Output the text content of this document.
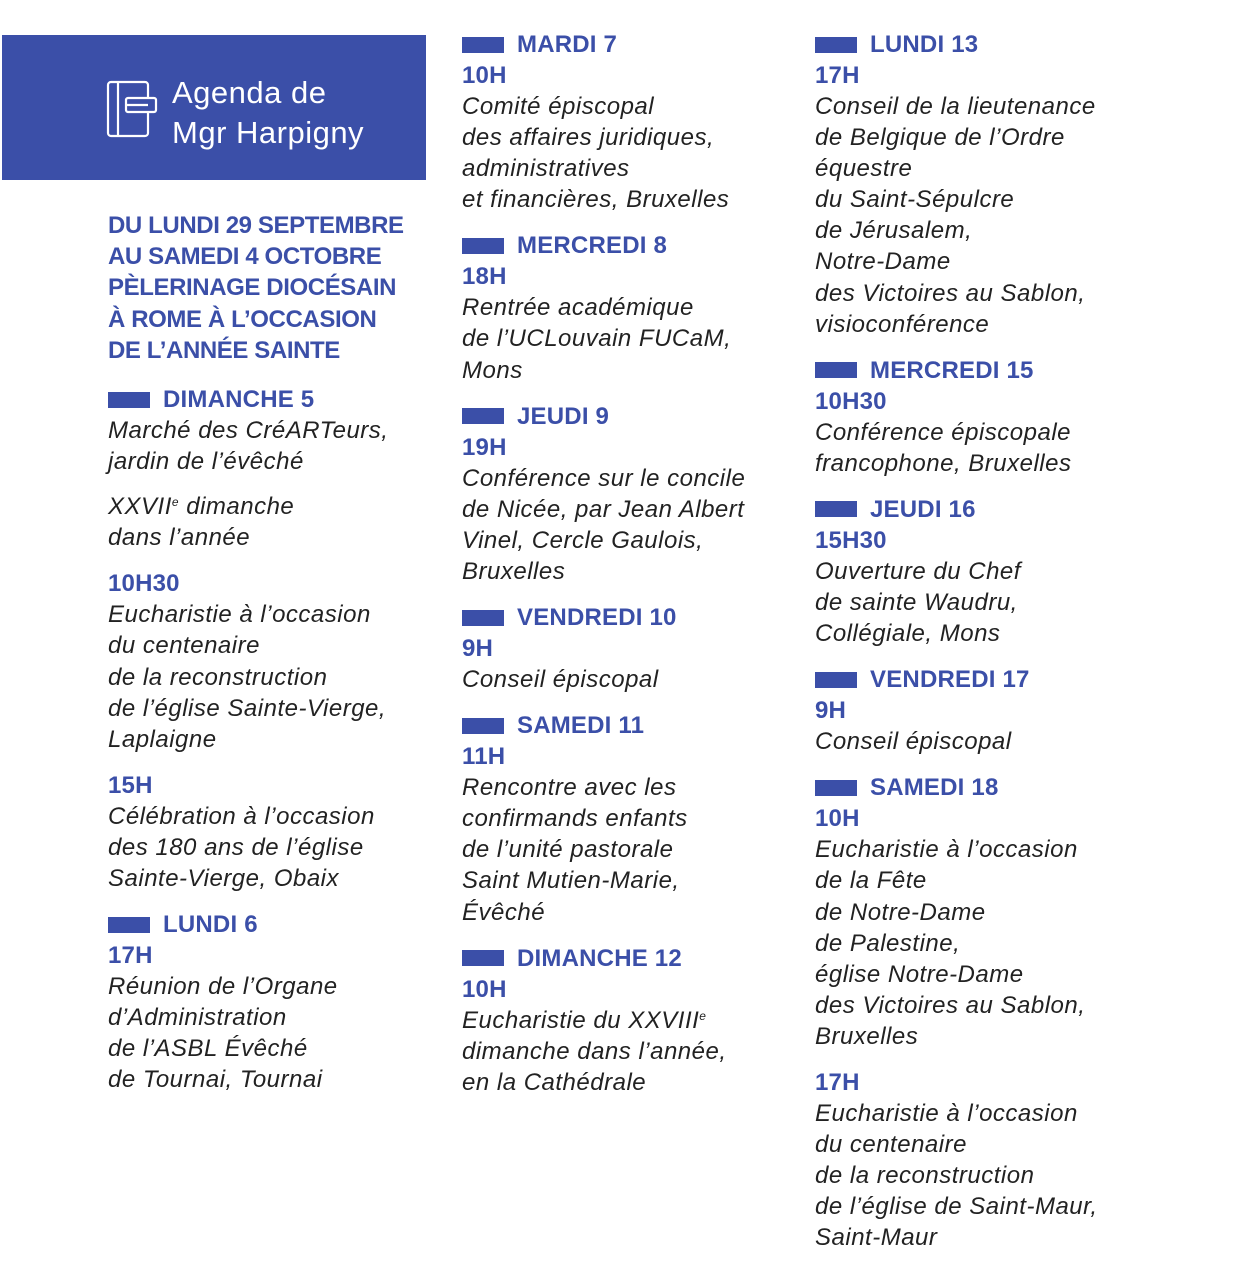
Agenda de
Mgr Harpigny
DU LUNDI 29 SEPTEMBRE
AU SAMEDI 4 OCTOBRE
PÈLERINAGE DIOCÉSAIN
À ROME À L’OCCASION
DE L’ANNÉE SAINTE
DIMANCHE 5
Marché des CréARTeurs,
jardin de l’évêché
XXVIIe dimanche
dans l’année
10H30
Eucharistie à l’occasion
du centenaire
de la reconstruction
de l’église Sainte-Vierge,
Laplaigne
15H
Célébration à l’occasion
des 180 ans de l’église
Sainte-Vierge, Obaix
LUNDI 6
17H
Réunion de l’Organe
d’Administration
de l’ASBL Évêché
de Tournai, Tournai
MARDI 7
10H
Comité épiscopal
des affaires juridiques,
administratives
et financières, Bruxelles
MERCREDI 8
18H
Rentrée académique
de l’UCLouvain FUCaM,
Mons
JEUDI 9
19H
Conférence sur le concile
de Nicée, par Jean Albert
Vinel, Cercle Gaulois,
Bruxelles
VENDREDI 10
9H
Conseil épiscopal
SAMEDI 11
11H
Rencontre avec les
confirmands enfants
de l’unité pastorale
Saint Mutien-Marie,
Évêché
DIMANCHE 12
10H
Eucharistie du XXVIIIe
dimanche dans l’année,
en la Cathédrale
LUNDI 13
17H
Conseil de la lieutenance
de Belgique de l’Ordre
équestre
du Saint-Sépulcre
de Jérusalem,
Notre-Dame
des Victoires au Sablon,
visioconférence
MERCREDI 15
10H30
Conférence épiscopale
francophone, Bruxelles
JEUDI 16
15H30
Ouverture du Chef
de sainte Waudru,
Collégiale, Mons
VENDREDI 17
9H
Conseil épiscopal
SAMEDI 18
10H
Eucharistie à l’occasion
de la Fête
de Notre-Dame
de Palestine,
église Notre-Dame
des Victoires au Sablon,
Bruxelles
17H
Eucharistie à l’occasion
du centenaire
de la reconstruction
de l’église de Saint-Maur,
Saint-Maur
